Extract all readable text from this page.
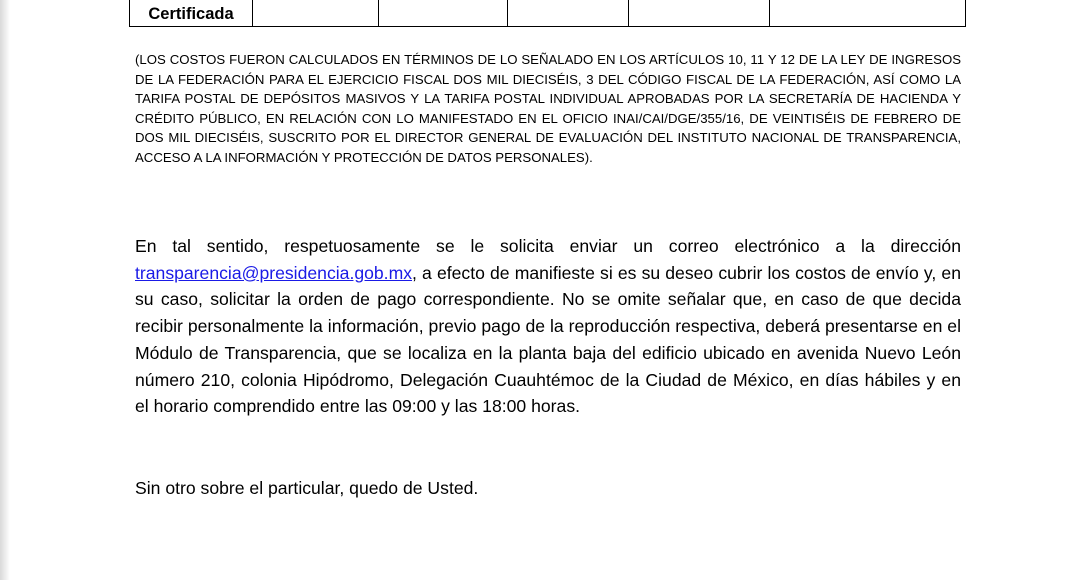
Certificada					

(LOS COSTOS FUERON CALCULADOS EN TÉRMINOS DE LO SEÑALADO EN LOS ARTÍCULOS 10, 11 Y 12 DE LA LEY DE INGRESOS DE LA FEDERACIÓN PARA EL EJERCICIO FISCAL DOS MIL DIECISÉIS, 3 DEL CÓDIGO FISCAL DE LA FEDERACIÓN, ASÍ COMO LA TARIFA POSTAL DE DEPÓSITOS MASIVOS Y LA TARIFA POSTAL INDIVIDUAL APROBADAS POR LA SECRETARÍA DE HACIENDA Y CRÉDITO PÚBLICO, EN RELACIÓN CON LO MANIFESTADO EN EL OFICIO INAI/CAI/DGE/355/16, DE VEINTISÉIS DE FEBRERO DE DOS MIL DIECISÉIS, SUSCRITO POR EL DIRECTOR GENERAL DE EVALUACIÓN DEL INSTITUTO NACIONAL DE TRANSPARENCIA, ACCESO A LA INFORMACIÓN Y PROTECCIÓN DE DATOS PERSONALES).

En tal sentido, respetuosamente se le solicita enviar un correo electrónico a la dirección transparencia@presidencia.gob.mx, a efecto de manifieste si es su deseo cubrir los costos de envío y, en su caso, solicitar la orden de pago correspondiente. No se omite señalar que, en caso de que decida recibir personalmente la información, previo pago de la reproducción respectiva, deberá presentarse en el Módulo de Transparencia, que se localiza en la planta baja del edificio ubicado en avenida Nuevo León número 210, colonia Hipódromo, Delegación Cuauhtémoc de la Ciudad de México, en días hábiles y en el horario comprendido entre las 09:00 y las 18:00 horas.

Sin otro sobre el particular, quedo de Usted.
